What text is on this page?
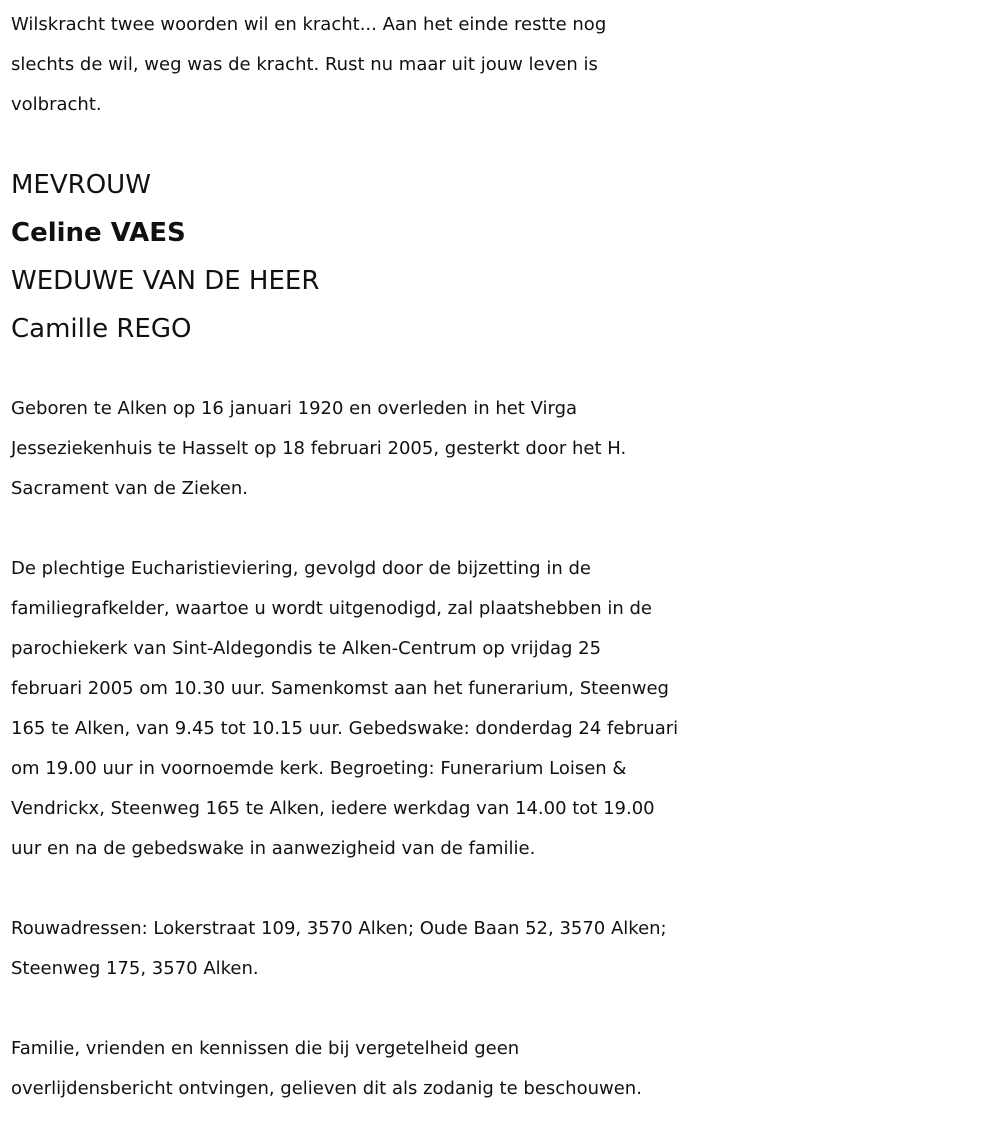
Wilskracht twee woorden wil en kracht... Aan het einde restte nog
slechts de wil, weg was de kracht. Rust nu maar uit jouw leven is
volbracht.

MEVROUW

Celine VAES

WEDUWE VAN DE HEER

Camille REGO

Geboren te Alken op 16 januari 1920 en overleden in het Virga
Jesseziekenhuis te Hasselt op 18 februari 2005, gesterkt door het H.
Sacrament van de Zieken.

De plechtige Eucharistieviering, gevolgd door de bijzetting in de
familiegrafkelder, waartoe u wordt uitgenodigd, zal plaatshebben in de
parochiekerk van Sint-Aldegondis te Alken-Centrum op vrijdag 25
februari 2005 om 10.30 uur. Samenkomst aan het funerarium, Steenweg
165 te Alken, van 9.45 tot 10.15 uur. Gebedswake: donderdag 24 februari
om 19.00 uur in voornoemde kerk. Begroeting: Funerarium Loisen &
Vendrickx, Steenweg 165 te Alken, iedere werkdag van 14.00 tot 19.00
uur en na de gebedswake in aanwezigheid van de familie.

Rouwadressen: Lokerstraat 109, 3570 Alken; Oude Baan 52, 3570 Alken;
Steenweg 175, 3570 Alken.

Familie, vrienden en kennissen die bij vergetelheid geen
overlijdensbericht ontvingen, gelieven dit als zodanig te beschouwen.
